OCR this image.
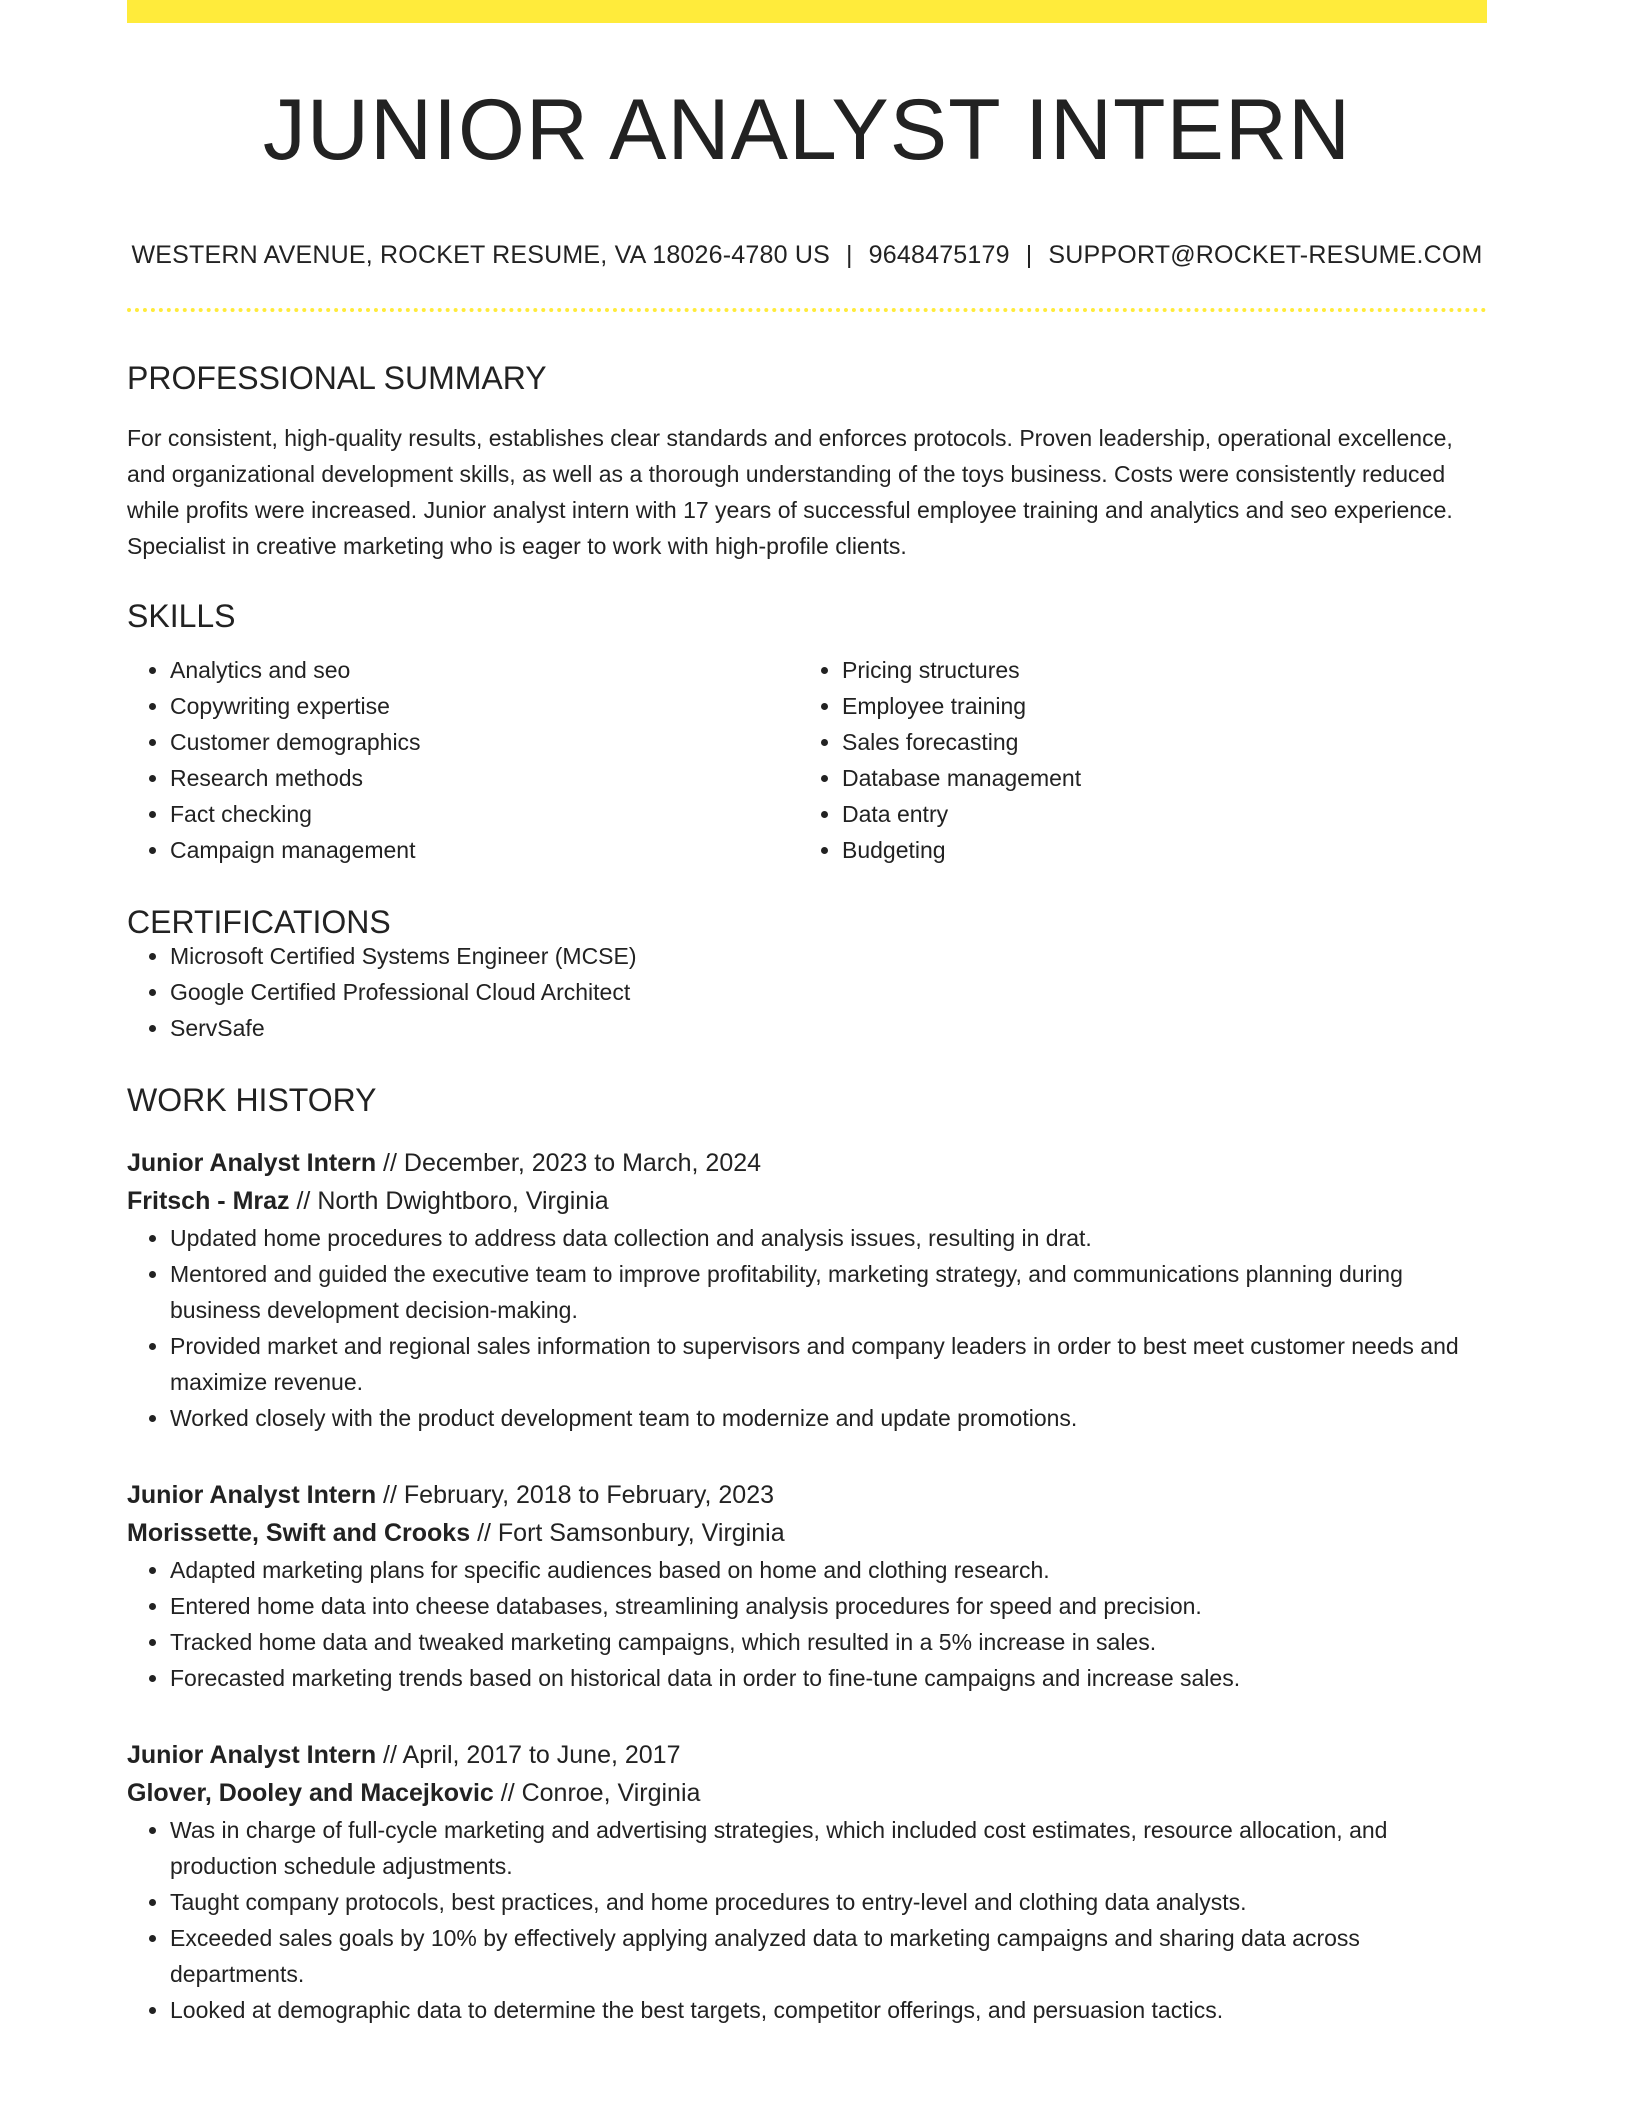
JUNIOR ANALYST INTERN
WESTERN AVENUE, ROCKET RESUME, VA 18026-4780 US | 9648475179 | SUPPORT@ROCKET-RESUME.COM
PROFESSIONAL SUMMARY
For consistent, high-quality results, establishes clear standards and enforces protocols. Proven leadership, operational excellence, and organizational development skills, as well as a thorough understanding of the toys business. Costs were consistently reduced while profits were increased. Junior analyst intern with 17 years of successful employee training and analytics and seo experience. Specialist in creative marketing who is eager to work with high-profile clients.
SKILLS
• Analytics and seo
• Copywriting expertise
• Customer demographics
• Research methods
• Fact checking
• Campaign management
• Pricing structures
• Employee training
• Sales forecasting
• Database management
• Data entry
• Budgeting
CERTIFICATIONS
• Microsoft Certified Systems Engineer (MCSE)
• Google Certified Professional Cloud Architect
• ServSafe
WORK HISTORY
Junior Analyst Intern // December, 2023 to March, 2024
Fritsch - Mraz // North Dwightboro, Virginia
• Updated home procedures to address data collection and analysis issues, resulting in drat.
• Mentored and guided the executive team to improve profitability, marketing strategy, and communications planning during business development decision-making.
• Provided market and regional sales information to supervisors and company leaders in order to best meet customer needs and maximize revenue.
• Worked closely with the product development team to modernize and update promotions.
Junior Analyst Intern // February, 2018 to February, 2023
Morissette, Swift and Crooks // Fort Samsonbury, Virginia
• Adapted marketing plans for specific audiences based on home and clothing research.
• Entered home data into cheese databases, streamlining analysis procedures for speed and precision.
• Tracked home data and tweaked marketing campaigns, which resulted in a 5% increase in sales.
• Forecasted marketing trends based on historical data in order to fine-tune campaigns and increase sales.
Junior Analyst Intern // April, 2017 to June, 2017
Glover, Dooley and Macejkovic // Conroe, Virginia
• Was in charge of full-cycle marketing and advertising strategies, which included cost estimates, resource allocation, and production schedule adjustments.
• Taught company protocols, best practices, and home procedures to entry-level and clothing data analysts.
• Exceeded sales goals by 10% by effectively applying analyzed data to marketing campaigns and sharing data across departments.
• Looked at demographic data to determine the best targets, competitor offerings, and persuasion tactics.
